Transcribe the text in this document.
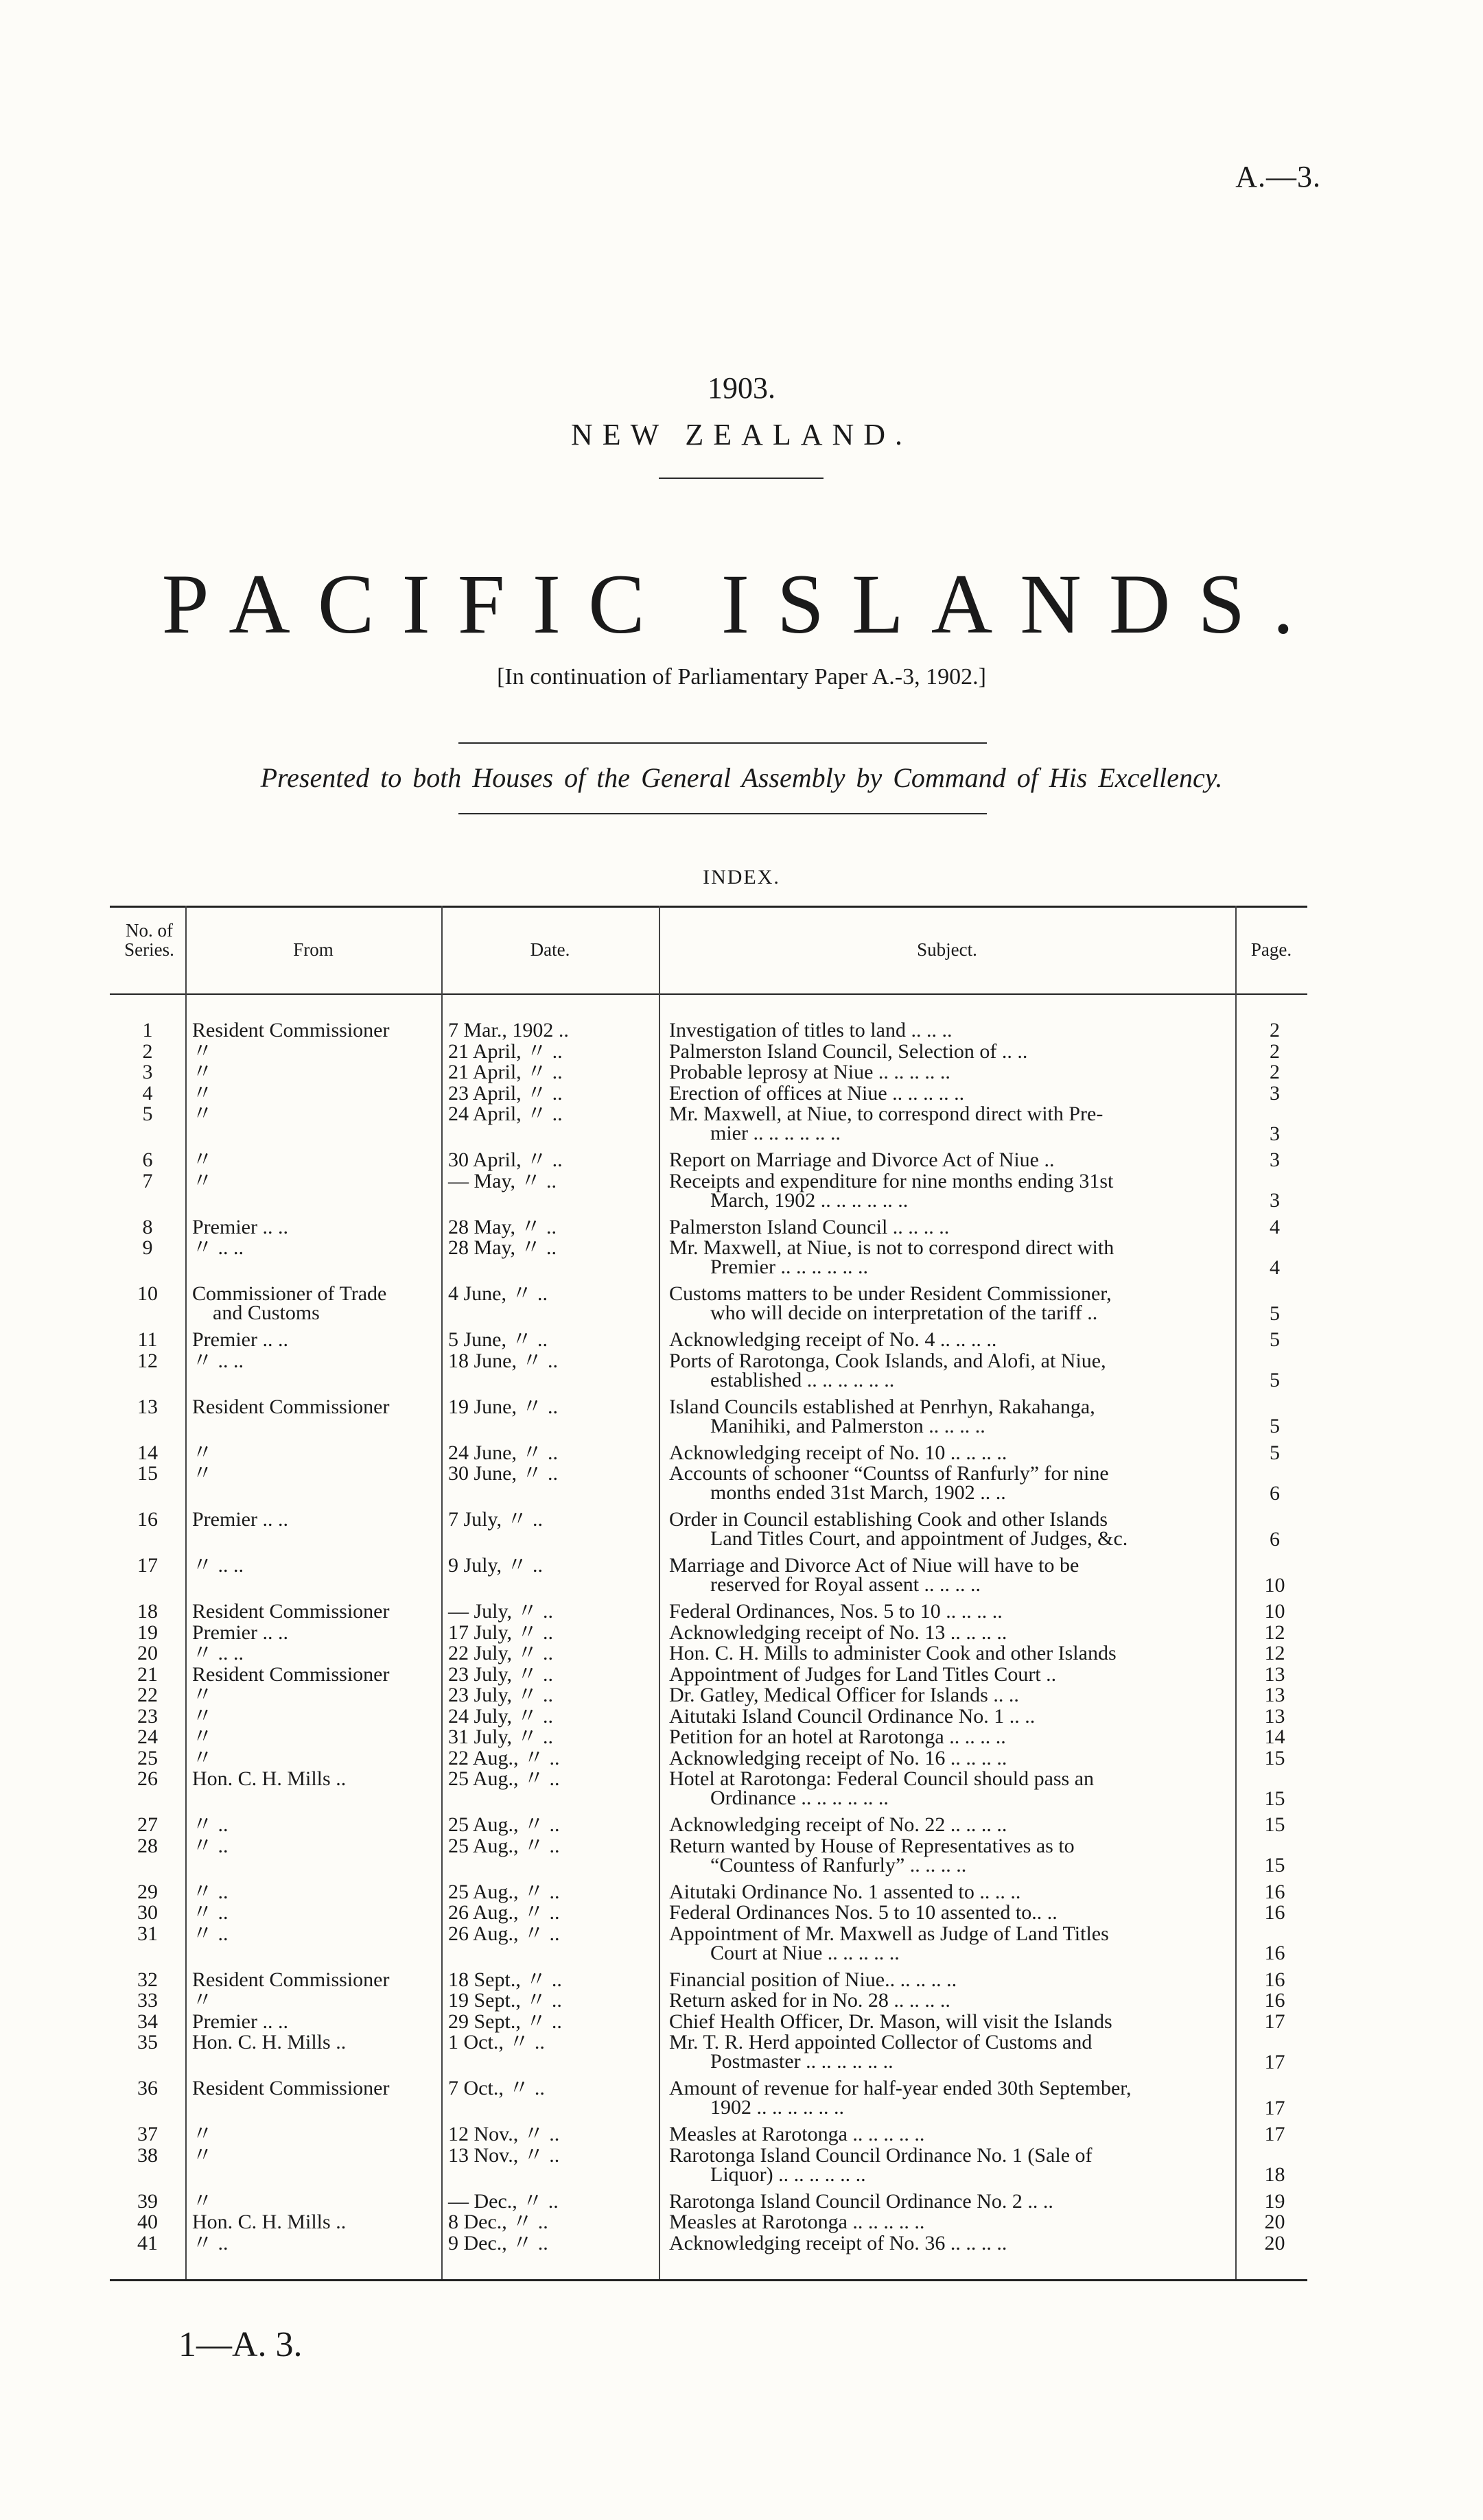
A.—3.
1903.
NEW ZEALAND.
PACIFIC ISLANDS.
[In continuation of Parliamentary Paper A.-3, 1902.]
Presented to both Houses of the General Assembly by Command of His Excellency.
INDEX.
No. of Series.	From	Date.	Subject.	Page.
1	Resident Commissioner	7 Mar., 1902 ..	Investigation of titles to land .. .. ..	2
2	〃	21 April, 〃 ..	Palmerston Island Council, Selection of .. ..	2
3	〃	21 April, 〃 ..	Probable leprosy at Niue .. .. .. .. ..	2
4	〃	23 April, 〃 ..	Erection of offices at Niue .. .. .. .. ..	3
5	〃	24 April, 〃 ..	Mr. Maxwell, at Niue, to correspond direct with Pre-
mier .. .. .. .. .. ..	3
6	〃	30 April, 〃 ..	Report on Marriage and Divorce Act of Niue ..	3
7	〃	— May, 〃 ..	Receipts and expenditure for nine months ending 31st
March, 1902 .. .. .. .. .. ..	3
8	Premier .. ..	28 May, 〃 ..	Palmerston Island Council .. .. .. ..	4
9	〃 .. ..	28 May, 〃 ..	Mr. Maxwell, at Niue, is not to correspond direct with
Premier .. .. .. .. .. ..	4
10	Commissioner of Trade
and Customs
4 June, 〃 ..	Customs matters to be under Resident Commissioner,
who will decide on interpretation of the tariff ..	5
11	Premier .. ..	5 June, 〃 ..	Acknowledging receipt of No. 4 .. .. .. ..	5
12	〃 .. ..	18 June, 〃 ..	Ports of Rarotonga, Cook Islands, and Alofi, at Niue,
established .. .. .. .. .. ..	5
13	Resident Commissioner	19 June, 〃 ..	Island Councils established at Penrhyn, Rakahanga,
Manihiki, and Palmerston .. .. .. ..	5
14	〃	24 June, 〃 ..	Acknowledging receipt of No. 10 .. .. .. ..	5
15	〃	30 June, 〃 ..	Accounts of schooner “Countss of Ranfurly” for nine
months ended 31st March, 1902 .. ..	6
16	Premier .. ..	7 July, 〃 ..	Order in Council establishing Cook and other Islands
Land Titles Court, and appointment of Judges, &c.	6
17	〃 .. ..	9 July, 〃 ..	Marriage and Divorce Act of Niue will have to be
reserved for Royal assent .. .. .. ..	10
18	Resident Commissioner	— July, 〃 ..	Federal Ordinances, Nos. 5 to 10 .. .. .. ..	10
19	Premier .. ..	17 July, 〃 ..	Acknowledging receipt of No. 13 .. .. .. ..	12
20	〃 .. ..	22 July, 〃 ..	Hon. C. H. Mills to administer Cook and other Islands	12
21	Resident Commissioner	23 July, 〃 ..	Appointment of Judges for Land Titles Court ..	13
22	〃	23 July, 〃 ..	Dr. Gatley, Medical Officer for Islands .. ..	13
23	〃	24 July, 〃 ..	Aitutaki Island Council Ordinance No. 1 .. ..	13
24	〃	31 July, 〃 ..	Petition for an hotel at Rarotonga .. .. .. ..	14
25	〃	22 Aug., 〃 ..	Acknowledging receipt of No. 16 .. .. .. ..	15
26	Hon. C. H. Mills ..	25 Aug., 〃 ..	Hotel at Rarotonga: Federal Council should pass an
Ordinance .. .. .. .. .. ..	15
27	〃 ..	25 Aug., 〃 ..	Acknowledging receipt of No. 22 .. .. .. ..	15
28	〃 ..	25 Aug., 〃 ..	Return wanted by House of Representatives as to
“Countess of Ranfurly” .. .. .. ..	15
29	〃 ..	25 Aug., 〃 ..	Aitutaki Ordinance No. 1 assented to .. .. ..	16
30	〃 ..	26 Aug., 〃 ..	Federal Ordinances Nos. 5 to 10 assented to.. ..	16
31	〃 ..	26 Aug., 〃 ..	Appointment of Mr. Maxwell as Judge of Land Titles
Court at Niue .. .. .. .. ..	16
32	Resident Commissioner	18 Sept., 〃 ..	Financial position of Niue.. .. .. .. ..	16
33	〃	19 Sept., 〃 ..	Return asked for in No. 28 .. .. .. ..	16
34	Premier .. ..	29 Sept., 〃 ..	Chief Health Officer, Dr. Mason, will visit the Islands	17
35	Hon. C. H. Mills ..	1 Oct., 〃 ..	Mr. T. R. Herd appointed Collector of Customs and
Postmaster .. .. .. .. .. ..	17
36	Resident Commissioner	7 Oct., 〃 ..	Amount of revenue for half-year ended 30th September,
1902 .. .. .. .. .. ..	17
37	〃	12 Nov., 〃 ..	Measles at Rarotonga .. .. .. .. ..	17
38	〃	13 Nov., 〃 ..	Rarotonga Island Council Ordinance No. 1 (Sale of
Liquor) .. .. .. .. .. ..	18
39	〃	— Dec., 〃 ..	Rarotonga Island Council Ordinance No. 2 .. ..	19
40	Hon. C. H. Mills ..	8 Dec., 〃 ..	Measles at Rarotonga .. .. .. .. ..	20
41	〃 ..	9 Dec., 〃 ..	Acknowledging receipt of No. 36 .. .. .. ..	20
1—A. 3.
